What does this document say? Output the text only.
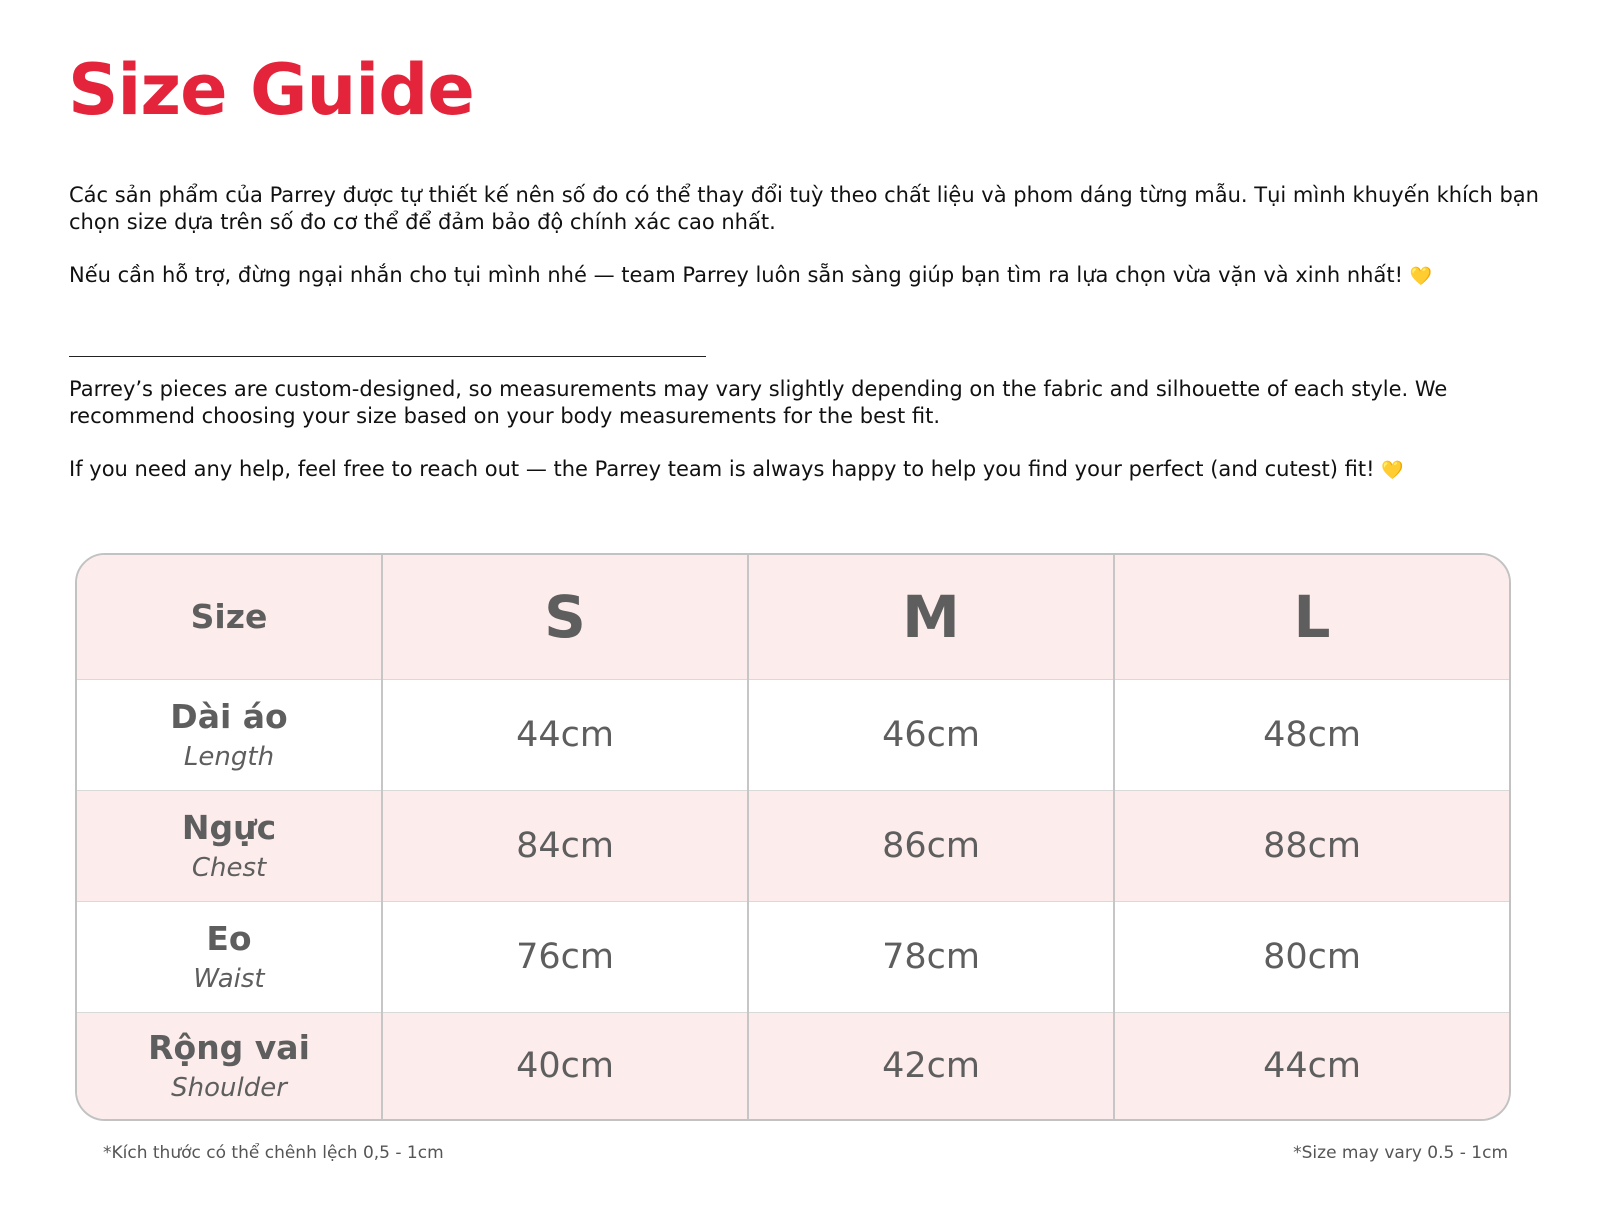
Size Guide

Các sản phẩm của Parrey được tự thiết kế nên số đo có thể thay đổi tuỳ theo chất liệu và phom dáng từng mẫu. Tụi mình khuyến khích bạn chọn size dựa trên số đo cơ thể để đảm bảo độ chính xác cao nhất.

Nếu cần hỗ trợ, đừng ngại nhắn cho tụi mình nhé — team Parrey luôn sẵn sàng giúp bạn tìm ra lựa chọn vừa vặn và xinh nhất! 💛

Parrey’s pieces are custom-designed, so measurements may vary slightly depending on the fabric and silhouette of each style. We recommend choosing your size based on your body measurements for the best fit.

If you need any help, feel free to reach out — the Parrey team is always happy to help you find your perfect (and cutest) fit! 💛

Size	S	M	L

Dài áo
Length	44cm	46cm	48cm

Ngực
Chest	84cm	86cm	88cm

Eo
Waist	76cm	78cm	80cm

Rộng vai
Shoulder	40cm	42cm	44cm

*Kích thước có thể chênh lệch 0,5 - 1cm	*Size may vary 0.5 - 1cm
